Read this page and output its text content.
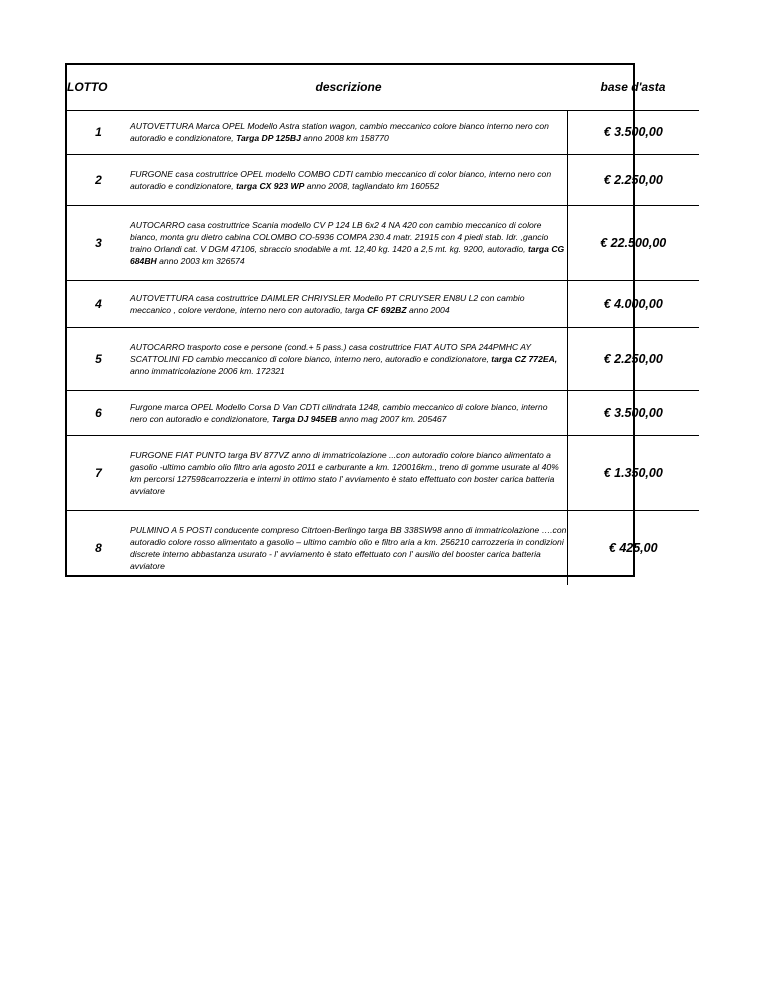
LOTTO	descrizione	base d'asta
1	AUTOVETTURA Marca OPEL Modello Astra station wagon, cambio meccanico colore bianco interno nero con autoradio e condizionatore, Targa DP 125BJ anno 2008 km 158770	€ 3.500,00
2	FURGONE casa costruttrice OPEL modello COMBO CDTI cambio meccanico di color bianco, interno nero con autoradio e condizionatore, targa CX 923 WP anno 2008, tagliandato km 160552	€ 2.250,00
3	AUTOCARRO casa costruttrice Scania modello CV P 124 LB 6x2 4 NA 420 con cambio meccanico di colore bianco, monta gru dietro cabina COLOMBO CO-5936 COMPA 230.4 matr. 21915 con 4 piedi stab. Idr. ,gancio traino Orlandi cat. V DGM 47106, sbraccio snodabile a mt. 12,40 kg. 1420 a 2,5 mt. kg. 9200, autoradio, targa CG 684BH anno 2003 km 326574	€ 22.500,00
4	AUTOVETTURA casa costruttrice DAIMLER CHRIYSLER Modello PT CRUYSER EN8U L2 con cambio meccanico , colore verdone, interno nero con autoradio, targa CF 692BZ anno 2004	€ 4.000,00
5	AUTOCARRO trasporto cose e persone (cond.+ 5 pass.) casa costruttrice FIAT AUTO SPA 244PMHC AY SCATTOLINI FD cambio meccanico di colore bianco, interno nero, autoradio e condizionatore, targa CZ 772EA, anno immatricolazione 2006 km. 172321	€ 2.250,00
6	Furgone marca OPEL Modello Corsa D Van CDTI cilindrata 1248, cambio meccanico di colore bianco, interno nero con autoradio e condizionatore, Targa DJ 945EB anno mag 2007 km. 205467	€ 3.500,00
7	FURGONE FIAT PUNTO targa BV 877VZ anno di immatricolazione ...con autoradio colore bianco alimentato a gasolio -ultimo cambio olio filtro aria agosto 2011 e carburante a km. 120016km., treno di gomme usurate al 40% km percorsi 127598carrozzeria e interni in ottimo stato l' avviamento è stato effettuato con boster carica batteria avviatore	€ 1.350,00
8	PULMINO A 5 POSTI conducente compreso Citrtoen-Berlingo targa BB 338SW98 anno di immatricolazione ….con autoradio colore rosso alimentato a gasolio – ultimo cambio olio e filtro aria a km. 256210 carrozzeria in condizioni discrete interno abbastanza usurato - l' avviamento è stato effettuato con l' ausilio del booster carica batteria avviatore	€ 425,00
